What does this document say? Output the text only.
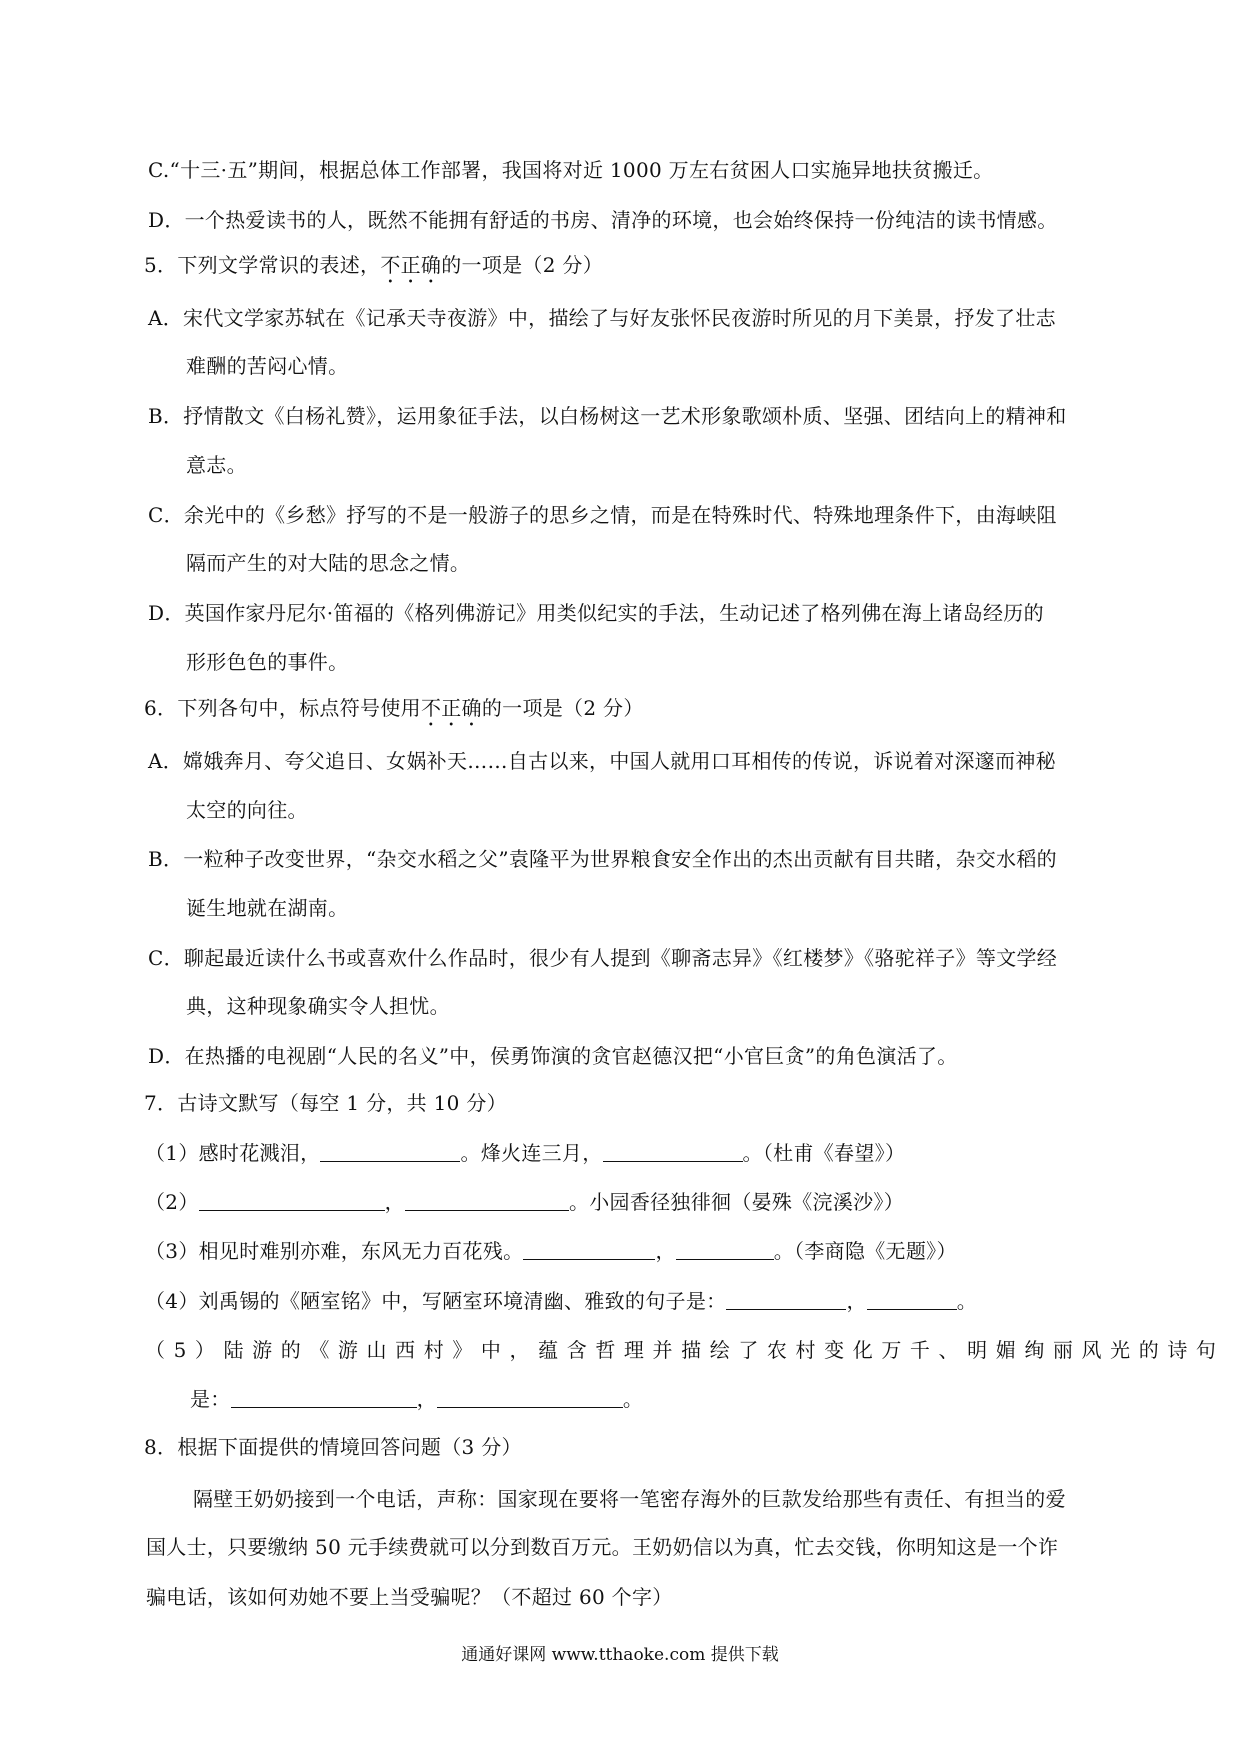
C.“十三·五”期间，根据总体工作部署，我国将对近 1000 万左右贫困人口实施异地扶贫搬迁。
D．一个热爱读书的人，既然不能拥有舒适的书房、清净的环境，也会始终保持一份纯洁的读书情感。
5．下列文学常识的表述，不正确的一项是（2 分）
A．宋代文学家苏轼在《记承天寺夜游》中，描绘了与好友张怀民夜游时所见的月下美景，抒发了壮志
难酬的苦闷心情。
B．抒情散文《白杨礼赞》，运用象征手法，以白杨树这一艺术形象歌颂朴质、坚强、团结向上的精神和
意志。
C．余光中的《乡愁》抒写的不是一般游子的思乡之情，而是在特殊时代、特殊地理条件下，由海峡阻
隔而产生的对大陆的思念之情。
D．英国作家丹尼尔·笛福的《格列佛游记》用类似纪实的手法，生动记述了格列佛在海上诸岛经历的
形形色色的事件。
6．下列各句中，标点符号使用不正确的一项是（2 分）
A．嫦娥奔月、夸父追日、女娲补天……自古以来，中国人就用口耳相传的传说，诉说着对深邃而神秘
太空的向往。
B．一粒种子改变世界，“杂交水稻之父”袁隆平为世界粮食安全作出的杰出贡献有目共睹，杂交水稻的
诞生地就在湖南。
C．聊起最近读什么书或喜欢什么作品时，很少有人提到《聊斋志异》《红楼梦》《骆驼祥子》等文学经
典，这种现象确实令人担忧。
D．在热播的电视剧“人民的名义”中，侯勇饰演的贪官赵德汉把“小官巨贪”的角色演活了。
7．古诗文默写（每空 1 分，共 10 分）
（1）感时花溅泪，	。烽火连三月，	。（杜甫《春望》）
（2）	，	。小园香径独徘徊（晏殊《浣溪沙》）
（3）相见时难别亦难，东风无力百花残。	，	。（李商隐《无题》）
（4）刘禹锡的《陋室铭》中，写陋室环境清幽、雅致的句子是：	，	。
（5）陆游的《游山西村》中，蕴含哲理并描绘了农村变化万千、明媚绚丽风光的诗句
是：	，	。
8．根据下面提供的情境回答问题（3 分）
隔壁王奶奶接到一个电话，声称：国家现在要将一笔密存海外的巨款发给那些有责任、有担当的爱
国人士，只要缴纳 50 元手续费就可以分到数百万元。王奶奶信以为真，忙去交钱，你明知这是一个诈
骗电话，该如何劝她不要上当受骗呢？（不超过 60 个字）
通通好课网 www.tthaoke.com 提供下载
